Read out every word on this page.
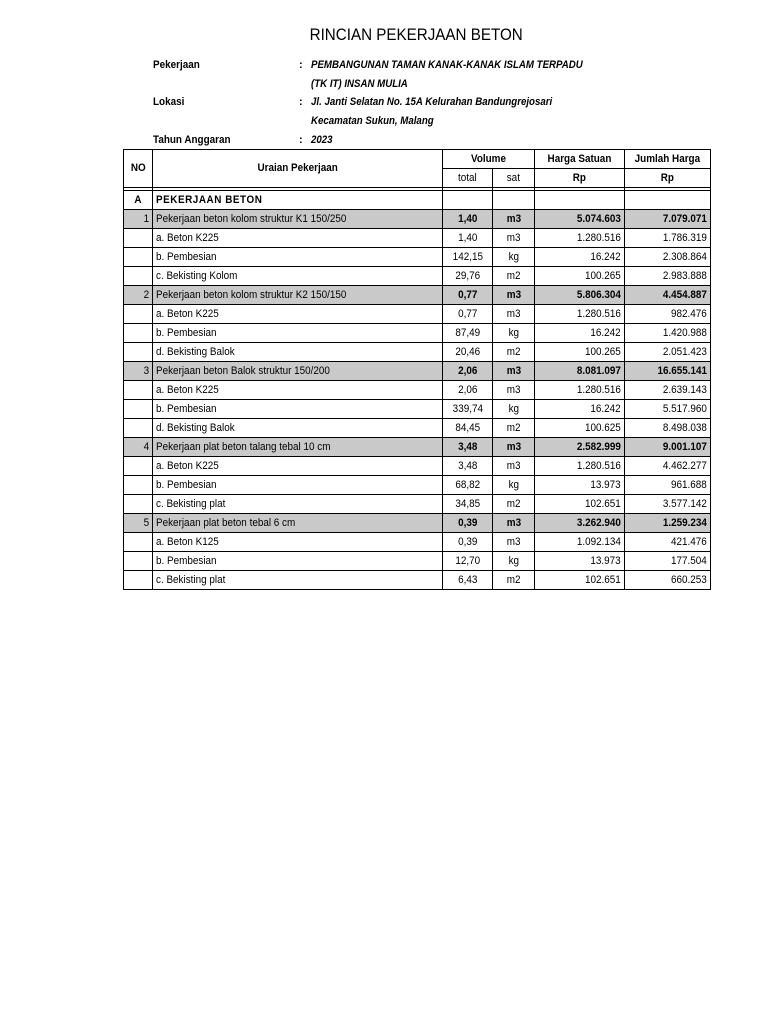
RINCIAN PEKERJAAN BETON
Pekerjaan	: PEMBANGUNAN TAMAN KANAK-KANAK ISLAM TERPADU
(TK IT) INSAN MULIA
Lokasi	: Jl. Janti Selatan No. 15A Kelurahan Bandungrejosari
Kecamatan Sukun, Malang
Tahun Anggaran	: 2023
NO	Uraian Pekerjaan	Volume		Harga Satuan	Jumlah Harga
		total	sat	Rp	Rp

A	PEKERJAAN BETON				
1	Pekerjaan beton kolom struktur K1 150/250	1,40	m3	5.074.603	7.079.071
	a. Beton K225	1,40	m3	1.280.516	1.786.319
	b. Pembesian	142,15	kg	16.242	2.308.864
	c. Bekisting Kolom	29,76	m2	100.265	2.983.888
2	Pekerjaan beton kolom struktur K2 150/150	0,77	m3	5.806.304	4.454.887
	a. Beton K225	0,77	m3	1.280.516	982.476
	b. Pembesian	87,49	kg	16.242	1.420.988
	d. Bekisting Balok	20,46	m2	100.265	2.051.423
3	Pekerjaan beton Balok struktur 150/200	2,06	m3	8.081.097	16.655.141
	a. Beton K225	2,06	m3	1.280.516	2.639.143
	b. Pembesian	339,74	kg	16.242	5.517.960
	d. Bekisting Balok	84,45	m2	100.625	8.498.038
4	Pekerjaan plat beton talang tebal 10 cm	3,48	m3	2.582.999	9.001.107
	a. Beton K225	3,48	m3	1.280.516	4.462.277
	b. Pembesian	68,82	kg	13.973	961.688
	c. Bekisting plat	34,85	m2	102.651	3.577.142
5	Pekerjaan plat beton tebal 6 cm	0,39	m3	3.262.940	1.259.234
	a. Beton K125	0,39	m3	1.092.134	421.476
	b. Pembesian	12,70	kg	13.973	177.504
	c. Bekisting plat	6,43	m2	102.651	660.253
